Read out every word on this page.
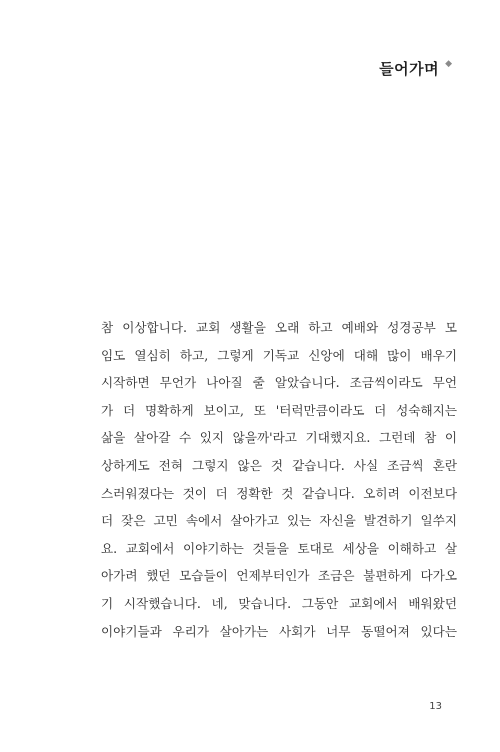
들어가며 ◆
참 이상합니다. 교회 생활을 오래 하고 예배와 성경공부 모
임도 열심히 하고, 그렇게 기독교 신앙에 대해 많이 배우기
시작하면 무언가 나아질 줄 알았습니다. 조금씩이라도 무언
가 더 명확하게 보이고, 또 '터럭만큼이라도 더 성숙해지는
삶을 살아갈 수 있지 않을까'라고 기대했지요. 그런데 참 이
상하게도 전혀 그렇지 않은 것 같습니다. 사실 조금씩 혼란
스러워졌다는 것이 더 정확한 것 같습니다. 오히려 이전보다
더 잦은 고민 속에서 살아가고 있는 자신을 발견하기 일쑤지
요. 교회에서 이야기하는 것들을 토대로 세상을 이해하고 살
아가려 했던 모습들이 언제부터인가 조금은 불편하게 다가오
기 시작했습니다. 네, 맞습니다. 그동안 교회에서 배워왔던
이야기들과 우리가 살아가는 사회가 너무 동떨어져 있다는
13
